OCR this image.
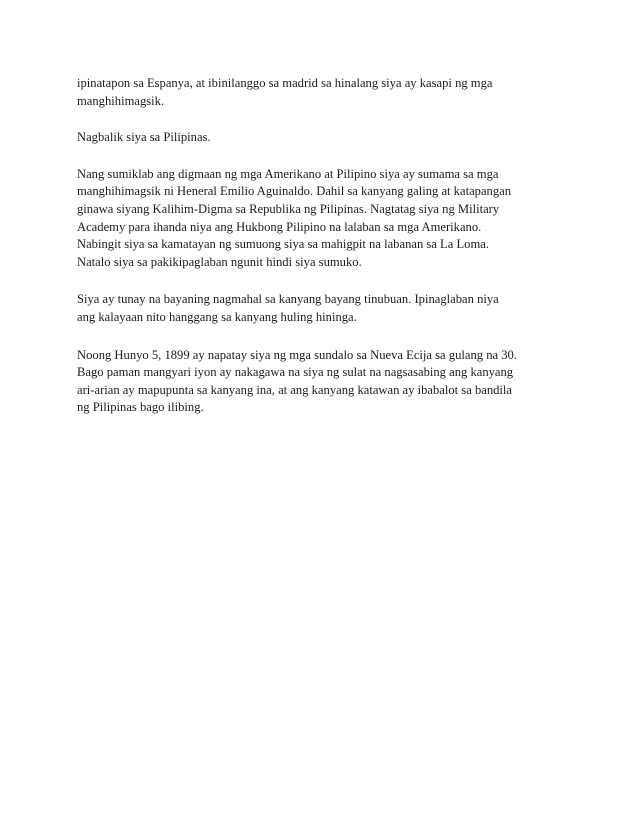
ipinatapon sa Espanya, at ibinilanggo sa madrid sa hinalang siya ay kasapi ng mga
manghihimagsik.

Nagbalik siya sa Pilipinas.

Nang sumiklab ang digmaan ng mga Amerikano at Pilipino siya ay sumama sa mga
manghihimagsik ni Heneral Emilio Aguinaldo. Dahil sa kanyang galing at katapangan
ginawa siyang Kalihim-Digma sa Republika ng Pilipinas. Nagtatag siya ng Military
Academy para ihanda niya ang Hukbong Pilipino na lalaban sa mga Amerikano.
Nabingit siya sa kamatayan ng sumuong siya sa mahigpit na labanan sa La Loma.
Natalo siya sa pakikipaglaban ngunit hindi siya sumuko.

Siya ay tunay na bayaning nagmahal sa kanyang bayang tinubuan. Ipinaglaban niya
ang kalayaan nito hanggang sa kanyang huling hininga.

Noong Hunyo 5, 1899 ay napatay siya ng mga sundalo sa Nueva Ecija sa gulang na 30.
Bago paman mangyari iyon ay nakagawa na siya ng sulat na nagsasabing ang kanyang
ari-arian ay mapupunta sa kanyang ina, at ang kanyang katawan ay ibabalot sa bandila
ng Pilipinas bago ilibing.
